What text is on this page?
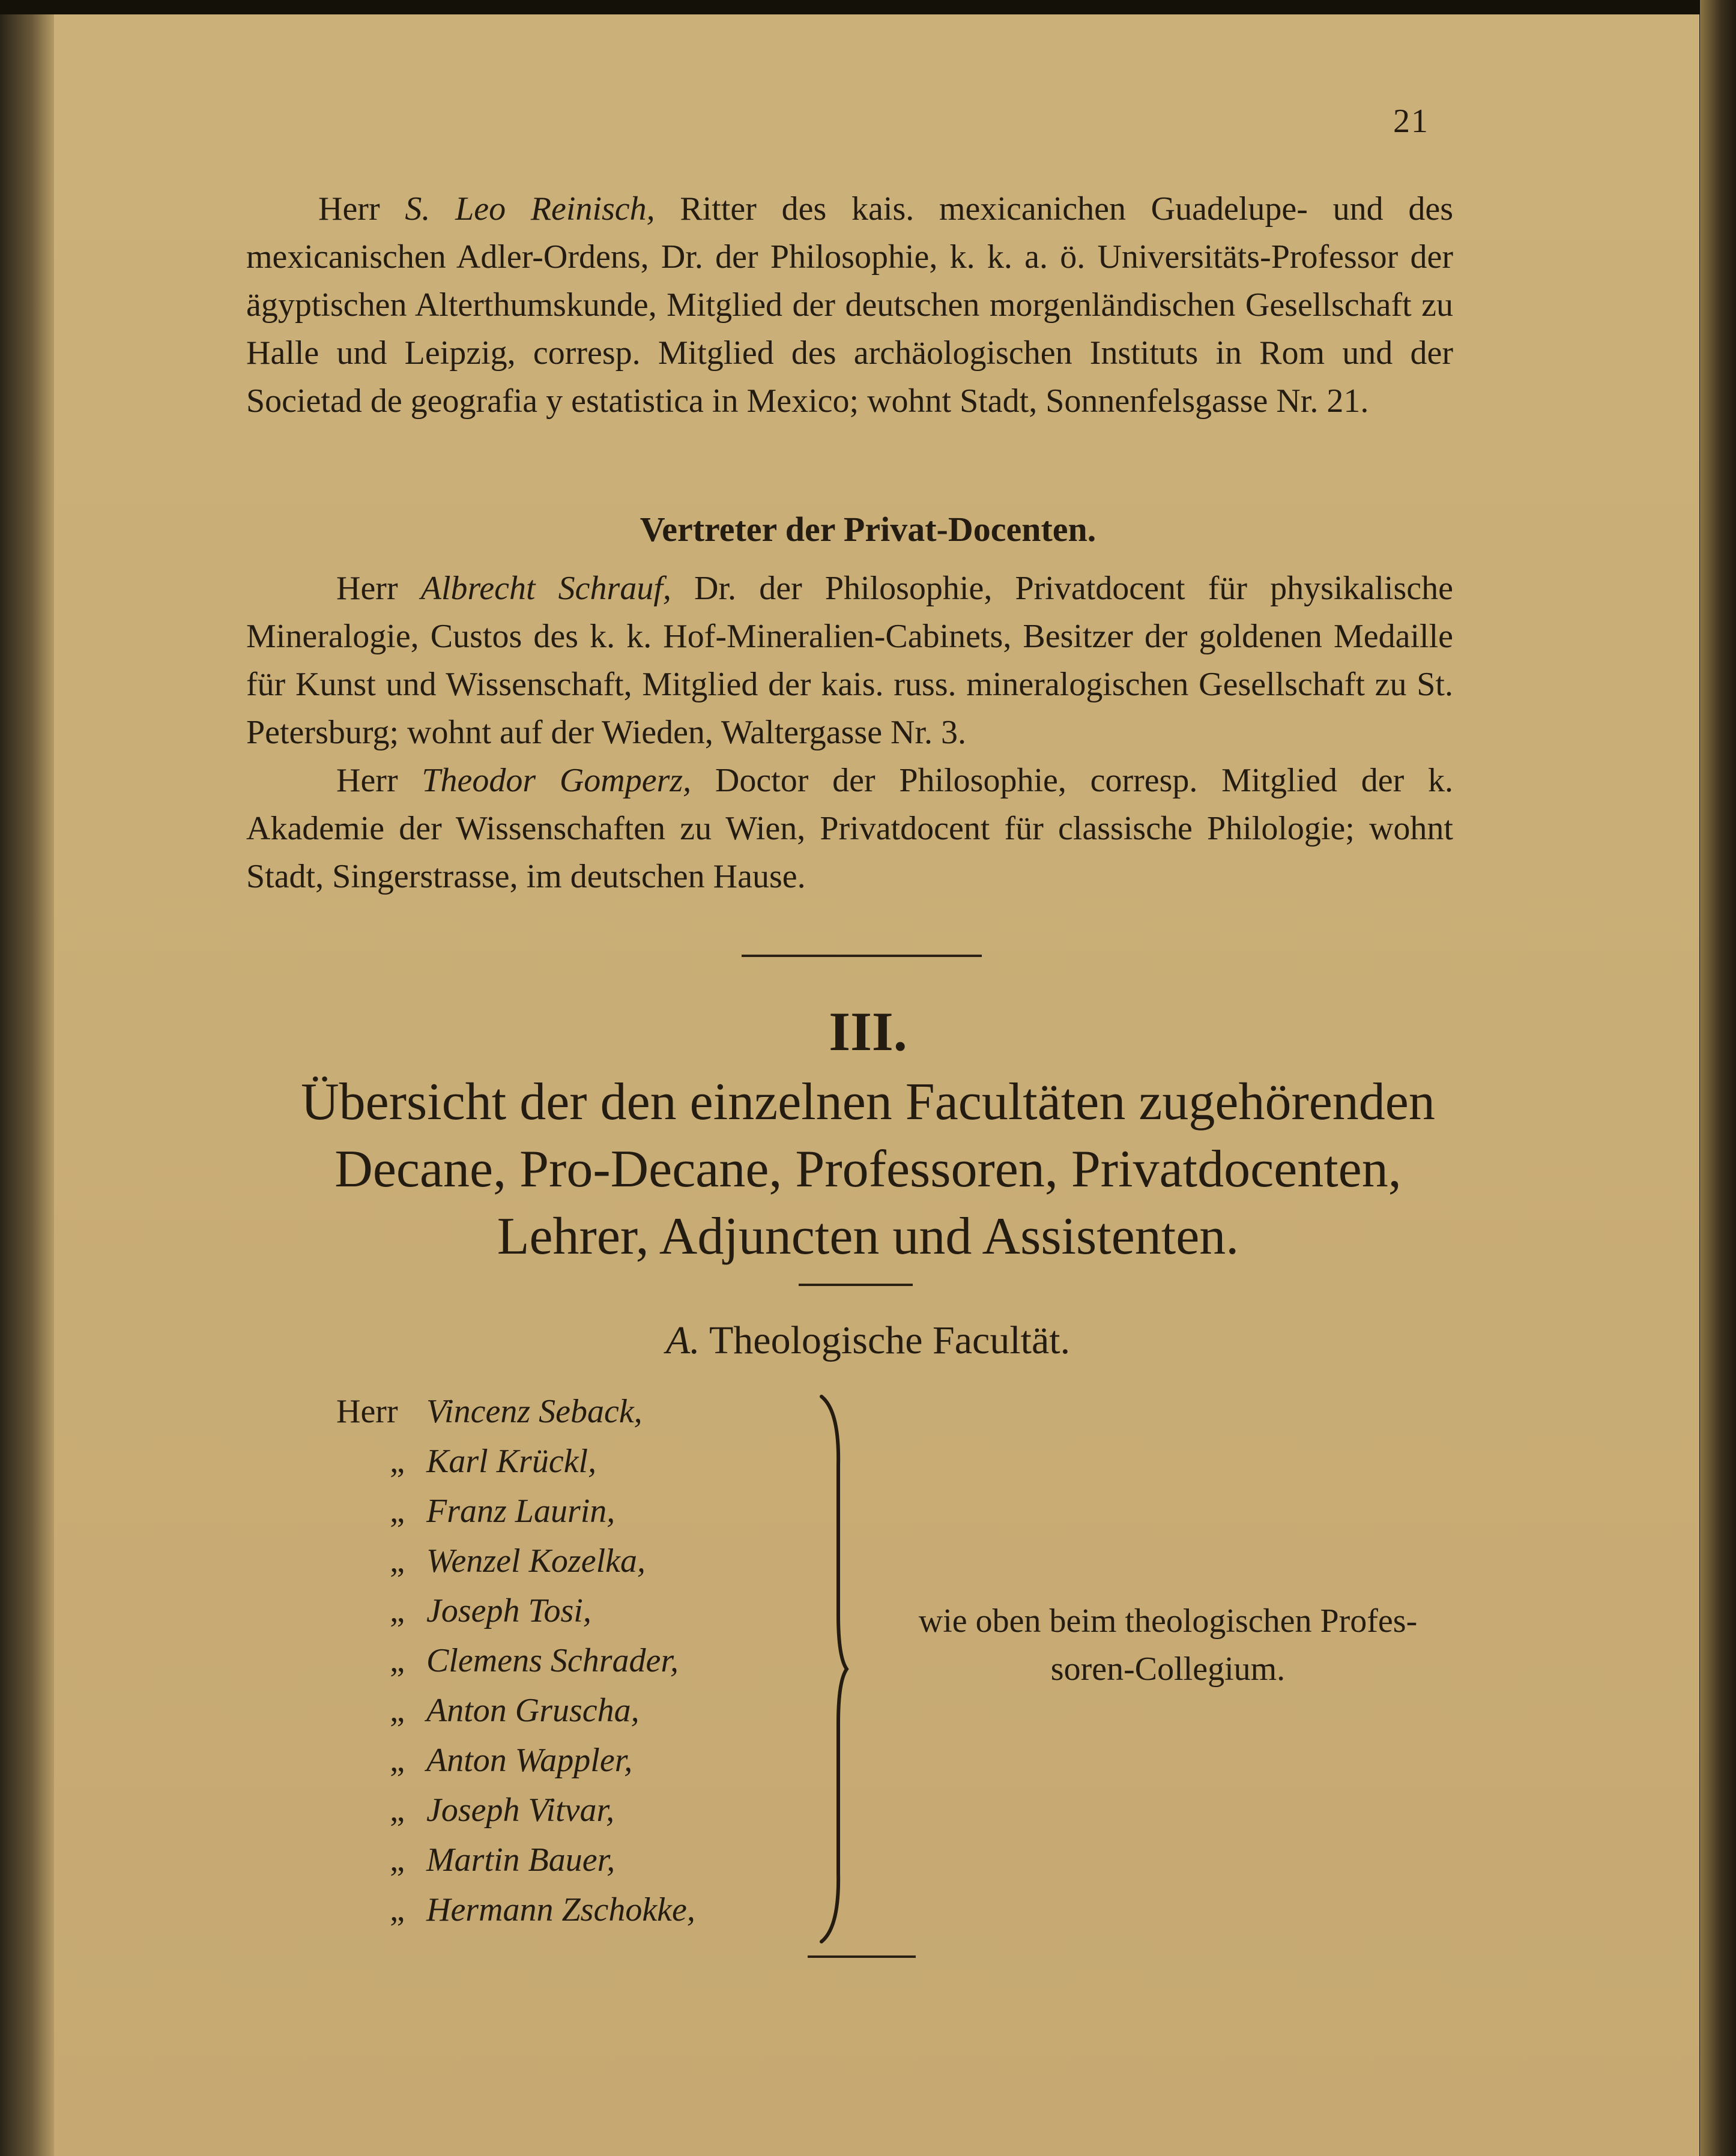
21
Herr S. Leo Reinisch, Ritter des kais. mexicanichen Guadelupe- und des mexicanischen Adler-Ordens, Dr. der Philosophie, k. k. a. ö. Universitäts-Professor der ägyptischen Alterthumskunde, Mitglied der deutschen morgenländischen Gesellschaft zu Halle und Leipzig, corresp. Mitglied des archäologischen Instituts in Rom und der Societad de geografia y estatistica in Mexico; wohnt Stadt, Sonnenfelsgasse Nr. 21.
Vertreter der Privat-Docenten.
Herr Albrecht Schrauf, Dr. der Philosophie, Privatdocent für physikalische Mineralogie, Custos des k. k. Hof-Mineralien-Cabinets, Besitzer der goldenen Medaille für Kunst und Wissenschaft, Mitglied der kais. russ. mineralogischen Gesellschaft zu St. Petersburg; wohnt auf der Wieden, Waltergasse Nr. 3.
Herr Theodor Gomperz, Doctor der Philosophie, corresp. Mitglied der k. Akademie der Wissenschaften zu Wien, Privatdocent für classische Philologie; wohnt Stadt, Singerstrasse, im deutschen Hause.
III.
Übersicht der den einzelnen Facultäten zugehörenden
Decane, Pro-Decane, Professoren, Privatdocenten,
Lehrer, Adjuncten und Assistenten.
A. Theologische Facultät.
Herr Vincenz Seback,
„ Karl Krückl,
„ Franz Laurin,
„ Wenzel Kozelka,
„ Joseph Tosi,
„ Clemens Schrader,
„ Anton Gruscha,
„ Anton Wappler,
„ Joseph Vitvar,
„ Martin Bauer,
„ Hermann Zschokke,
wie oben beim theologischen Profes-
soren-Collegium.
